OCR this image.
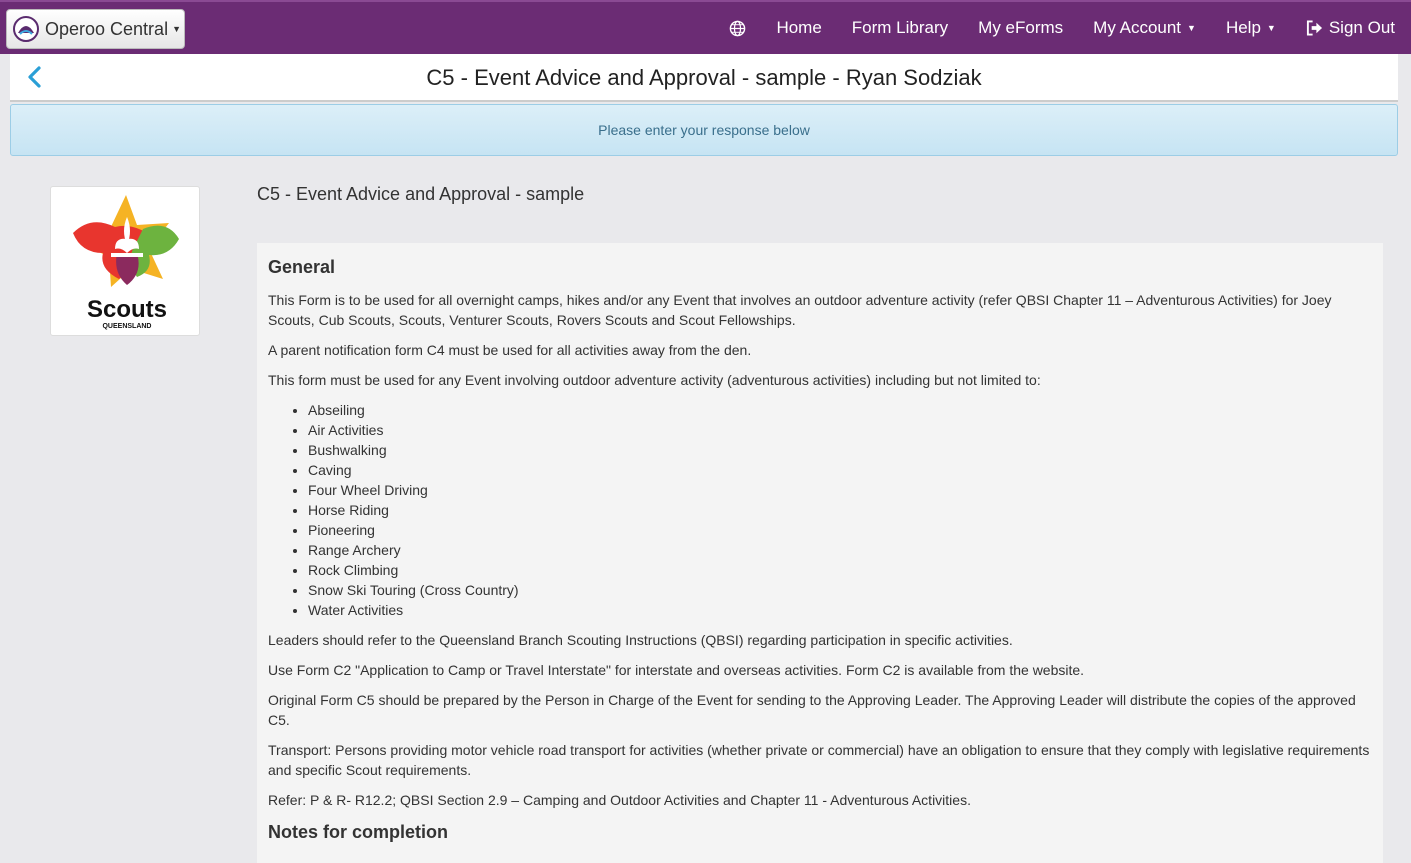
Operoo Central ▼	Home Form Library My eForms My Account ▼ Help ▼	Sign Out
C5 - Event Advice and Approval - sample - Ryan Sodziak
Please enter your response below
Scouts
QUEENSLAND
C5 - Event Advice and Approval - sample
General

This Form is to be used for all overnight camps, hikes and/or any Event that involves an outdoor adventure activity (refer QBSI Chapter 11 – Adventurous Activities) for Joey Scouts, Cub Scouts, Scouts, Venturer Scouts, Rovers Scouts and Scout Fellowships.

A parent notification form C4 must be used for all activities away from the den.

This form must be used for any Event involving outdoor adventure activity (adventurous activities) including but not limited to:

• Abseiling
• Air Activities
• Bushwalking
• Caving
• Four Wheel Driving
• Horse Riding
• Pioneering
• Range Archery
• Rock Climbing
• Snow Ski Touring (Cross Country)
• Water Activities

Leaders should refer to the Queensland Branch Scouting Instructions (QBSI) regarding participation in specific activities.

Use Form C2 "Application to Camp or Travel Interstate" for interstate and overseas activities. Form C2 is available from the website.

Original Form C5 should be prepared by the Person in Charge of the Event for sending to the Approving Leader. The Approving Leader will distribute the copies of the approved C5.

Transport: Persons providing motor vehicle road transport for activities (whether private or commercial) have an obligation to ensure that they comply with legislative requirements and specific Scout requirements.

Refer: P & R- R12.2; QBSI Section 2.9 – Camping and Outdoor Activities and Chapter 11 - Adventurous Activities.

Notes for completion
